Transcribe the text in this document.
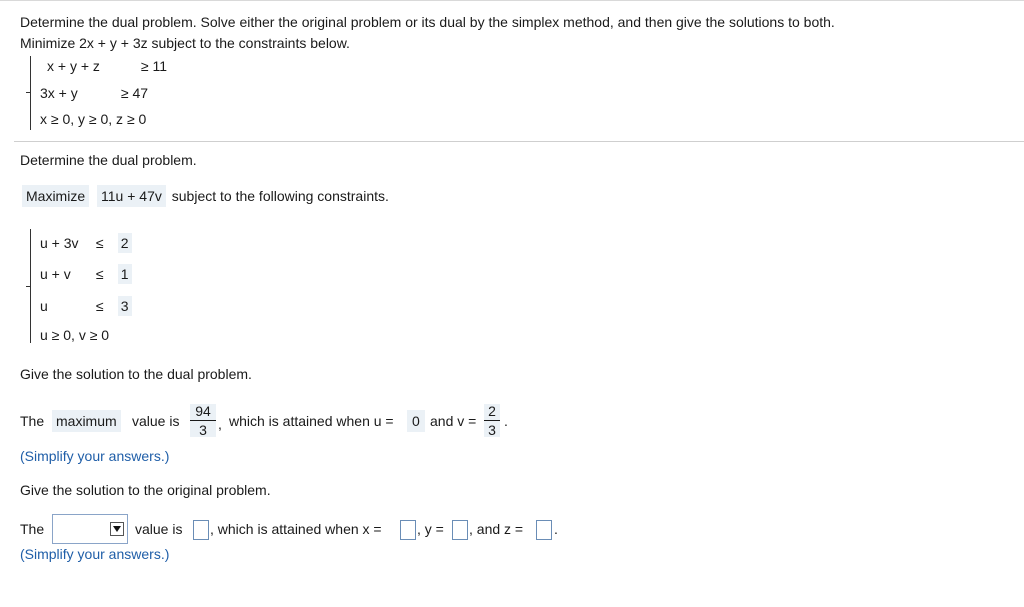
Determine the dual problem. Solve either the original problem or its dual by the simplex method, and then give the solutions to both.
Minimize 2x + y + 3z subject to the constraints below.
x + y + z	≥ 11
3x + y	≥ 47
x ≥ 0, y ≥ 0, z ≥ 0
Determine the dual problem.
Maximize 11u + 47v subject to the following constraints.
u + 3v ≤ 2
u + v ≤ 1
u	≤ 3
u ≥ 0, v ≥ 0
Give the solution to the dual problem.
The maximum value is
94
3 , which is attained when u =	0 and v =
2
3
.
(Simplify your answers.)
Give the solution to the original problem.
The	value is , which is attained when x =	, y = , and z = .
(Simplify your answers.)
